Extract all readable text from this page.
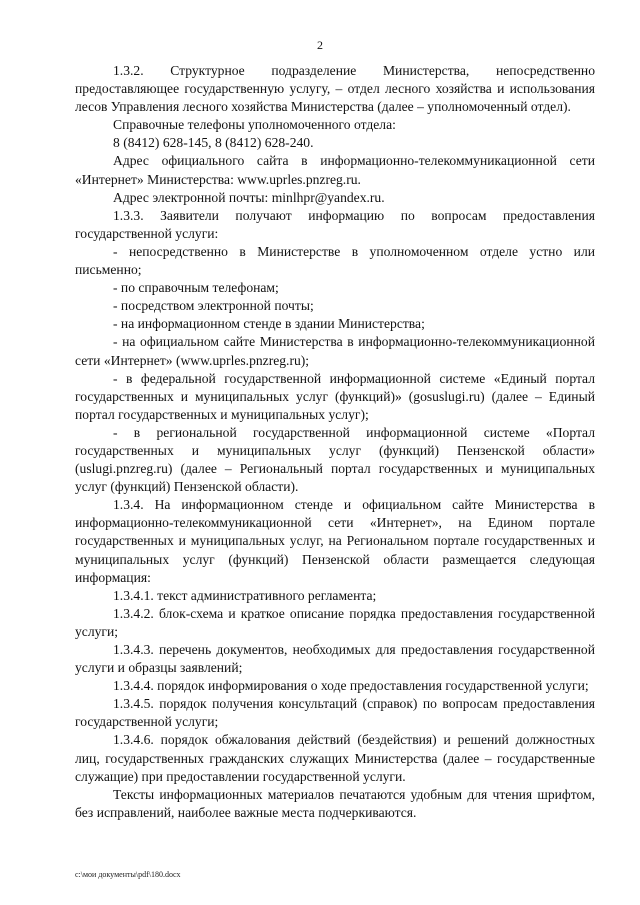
2

1.3.2. Структурное подразделение Министерства, непосредственно предоставляющее государственную услугу, – отдел лесного хозяйства и использования лесов Управления лесного хозяйства Министерства (далее – уполномоченный отдел).

Справочные телефоны уполномоченного отдела:

8 (8412) 628-145, 8 (8412) 628-240.

Адрес официального сайта в информационно-телекоммуникационной сети «Интернет» Министерства: www.uprles.pnzreg.ru.

Адрес электронной почты: minlhpr@yandex.ru.

1.3.3. Заявители получают информацию по вопросам предоставления государственной услуги:

- непосредственно в Министерстве в уполномоченном отделе устно или письменно;

- по справочным телефонам;

- посредством электронной почты;

- на информационном стенде в здании Министерства;

- на официальном сайте Министерства в информационно-телекоммуникационной сети «Интернет» (www.uprles.pnzreg.ru);

- в федеральной государственной информационной системе «Единый портал государственных и муниципальных услуг (функций)» (gosuslugi.ru) (далее – Единый портал государственных и муниципальных услуг);

- в региональной государственной информационной системе «Портал государственных и муниципальных услуг (функций) Пензенской области» (uslugi.pnzreg.ru) (далее – Региональный портал государственных и муниципальных услуг (функций) Пензенской области).

1.3.4. На информационном стенде и официальном сайте Министерства в информационно-телекоммуникационной сети «Интернет», на Едином портале государственных и муниципальных услуг, на Региональном портале государственных и муниципальных услуг (функций) Пензенской области размещается следующая информация:

1.3.4.1. текст административного регламента;

1.3.4.2. блок-схема и краткое описание порядка предоставления государственной услуги;

1.3.4.3. перечень документов, необходимых для предоставления государственной услуги и образцы заявлений;

1.3.4.4. порядок информирования о ходе предоставления государственной услуги;

1.3.4.5. порядок получения консультаций (справок) по вопросам предоставления государственной услуги;

1.3.4.6. порядок обжалования действий (бездействия) и решений должностных лиц, государственных гражданских служащих Министерства (далее – государственные служащие) при предоставлении государственной услуги.

Тексты информационных материалов печатаются удобным для чтения шрифтом, без исправлений, наиболее важные места подчеркиваются.

c:\мои документы\pdf\180.docx
